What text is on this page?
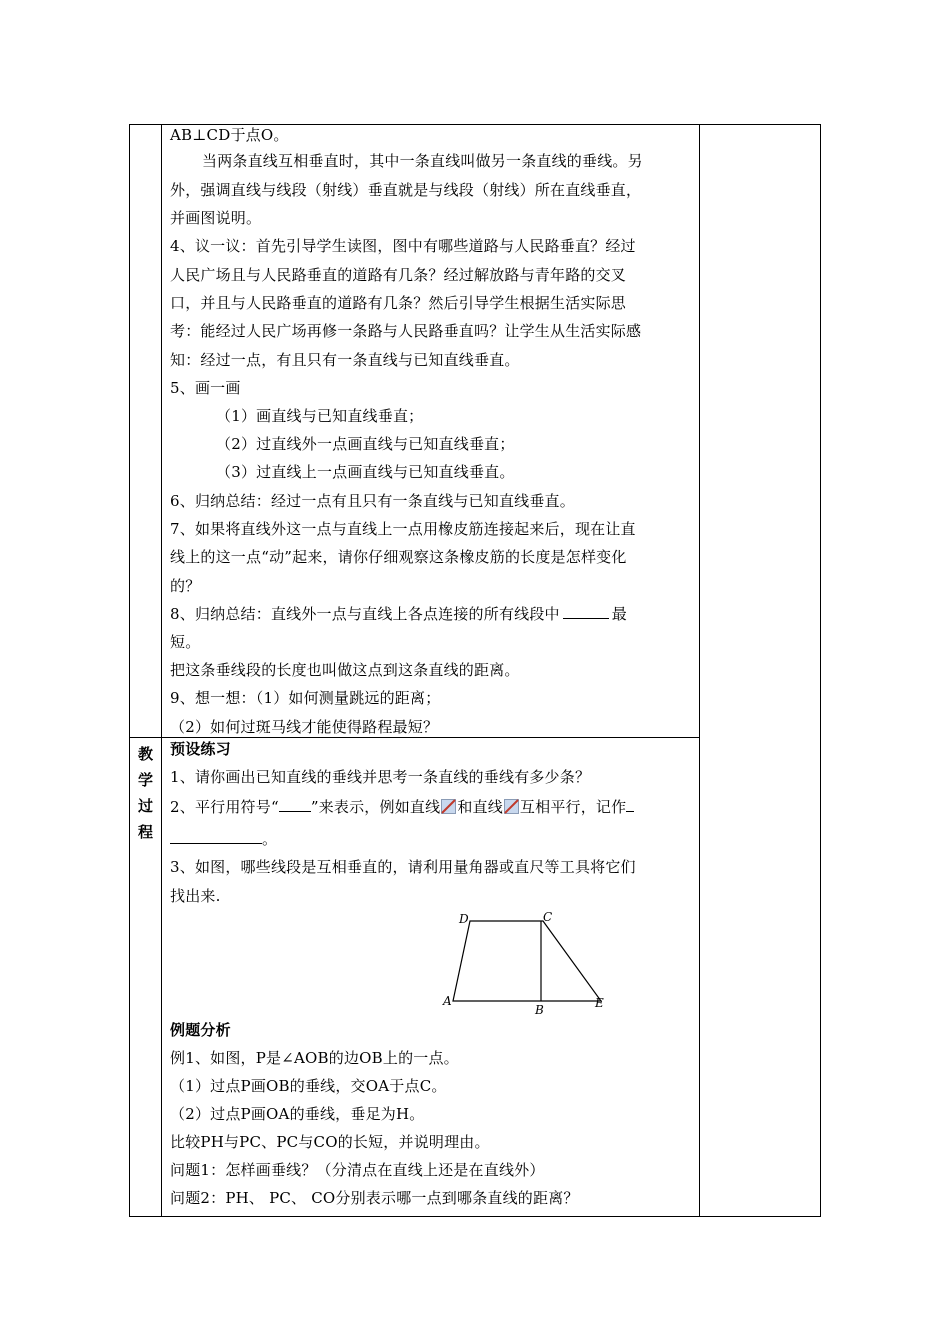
AB⊥CD于点O。
当两条直线互相垂直时，其中一条直线叫做另一条直线的垂线。另
外，强调直线与线段（射线）垂直就是与线段（射线）所在直线垂直，
并画图说明。
4、议一议：首先引导学生读图，图中有哪些道路与人民路垂直？经过
人民广场且与人民路垂直的道路有几条？经过解放路与青年路的交叉
口，并且与人民路垂直的道路有几条？然后引导学生根据生活实际思
考：能经过人民广场再修一条路与人民路垂直吗？让学生从生活实际感
知：经过一点，有且只有一条直线与已知直线垂直。
5、画一画
（1）画直线与已知直线垂直；
（2）过直线外一点画直线与已知直线垂直；
（3）过直线上一点画直线与已知直线垂直。
6、归纳总结：经过一点有且只有一条直线与已知直线垂直。
7、如果将直线外这一点与直线上一点用橡皮筋连接起来后，现在让直
线上的这一点“动”起来，请你仔细观察这条橡皮筋的长度是怎样变化
的？
8、归纳总结：直线外一点与直线上各点连接的所有线段中	最
短。
把这条垂线段的长度也叫做这点到这条直线的距离。
9、想一想：（1）如何测量跳远的距离；
（2）如何过斑马线才能使得路程最短？
教
学
过
程
预设练习
1、请你画出已知直线的垂线并思考一条直线的垂线有多少条？
2、平行用符号“ ”来表示，例如直线 和直线 互相平行，记作
。
3、如图，哪些线段是互相垂直的，请利用量角器或直尺等工具将它们
找出来.
D	C
A
B	E
例题分析
例1、如图，P是∠AOB的边OB上的一点。
（1）过点P画OB的垂线，交OA于点C。
（2）过点P画OA的垂线，垂足为H。
比较PH与PC、PC与CO的长短，并说明理由。
问题1：怎样画垂线？（分清点在直线上还是在直线外）
问题2：PH、 PC、 CO分别表示哪一点到哪条直线的距离？
